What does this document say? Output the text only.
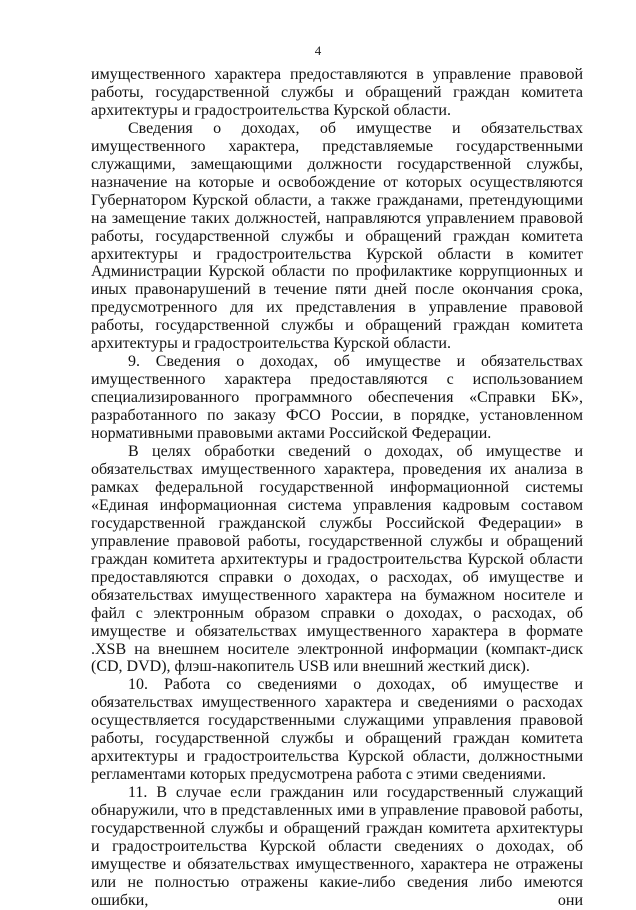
4

имущественного характера предоставляются в управление правовой работы, государственной службы и обращений граждан комитета архитектуры и градостроительства Курской области.

Сведения о доходах, об имуществе и обязательствах имущественного характера, представляемые государственными служащими, замещающими должности государственной службы, назначение на которые и освобождение от которых осуществляются Губернатором Курской области, а также гражданами, претендующими на замещение таких должностей, направляются управлением правовой работы, государственной службы и обращений граждан комитета архитектуры и градостроительства Курской области в комитет Администрации Курской области по профилактике коррупционных и иных правонарушений в течение пяти дней после окончания срока, предусмотренного для их представления в управление правовой работы, государственной службы и обращений граждан комитета архитектуры и градостроительства Курской области.

9. Сведения о доходах, об имуществе и обязательствах имущественного характера предоставляются с использованием специализированного программного обеспечения «Справки БК», разработанного по заказу ФСО России, в порядке, установленном нормативными правовыми актами Российской Федерации.

В целях обработки сведений о доходах, об имуществе и обязательствах имущественного характера, проведения их анализа в рамках федеральной государственной информационной системы «Единая информационная система управления кадровым составом государственной гражданской службы Российской Федерации» в управление правовой работы, государственной службы и обращений граждан комитета архитектуры и градостроительства Курской области предоставляются справки о доходах, о расходах, об имуществе и обязательствах имущественного характера на бумажном носителе и файл с электронным образом справки о доходах, о расходах, об имуществе и обязательствах имущественного характера в формате .XSB на внешнем носителе электронной информации (компакт-диск (CD, DVD), флэш-накопитель USB или внешний жесткий диск).

10. Работа со сведениями о доходах, об имуществе и обязательствах имущественного характера и сведениями о расходах осуществляется государственными служащими управления правовой работы, государственной службы и обращений граждан комитета архитектуры и градостроительства Курской области, должностными регламентами которых предусмотрена работа с этими сведениями.

11. В случае если гражданин или государственный служащий обнаружили, что в представленных ими в управление правовой работы, государственной службы и обращений граждан комитета архитектуры и градостроительства Курской области сведениях о доходах, об имуществе и обязательствах имущественного, характера не отражены или не полностью отражены какие-либо сведения либо имеются ошибки, они
